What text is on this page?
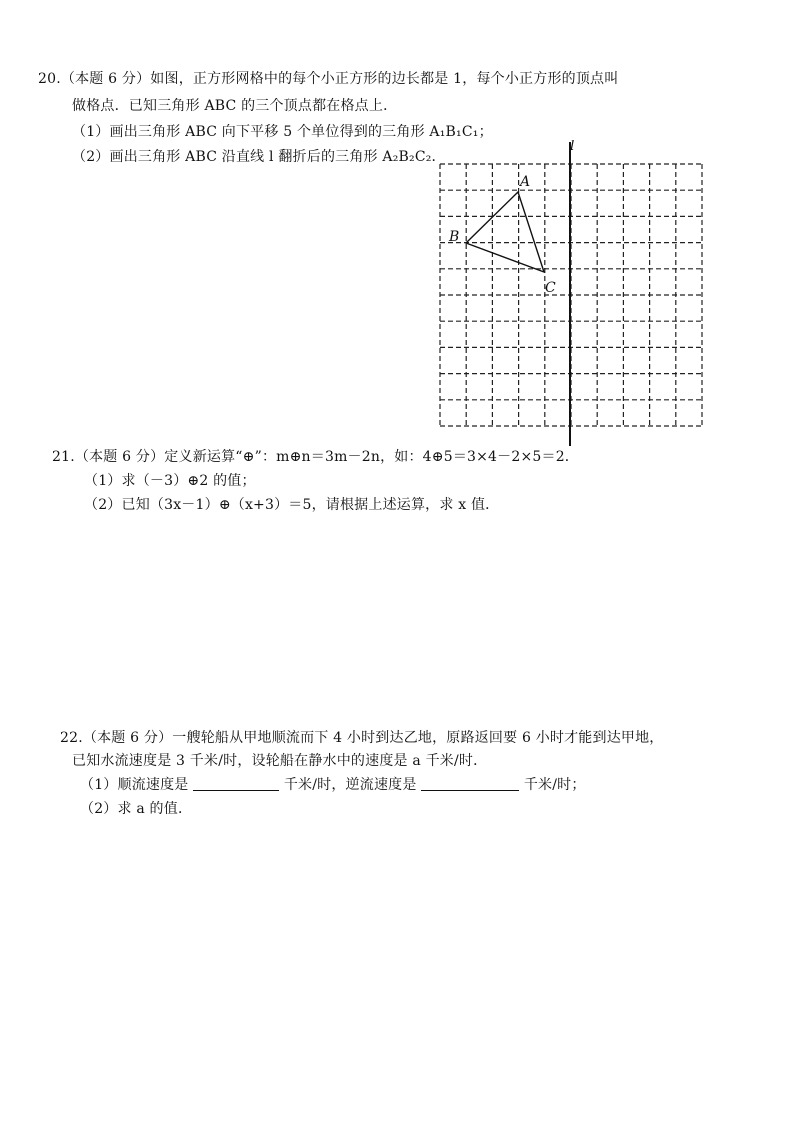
20.（本题 6 分）如图，正方形网格中的每个小正方形的边长都是 1，每个小正方形的顶点叫
做格点．已知三角形 ABC 的三个顶点都在格点上．
（1）画出三角形 ABC 向下平移 5 个单位得到的三角形 A₁B₁C₁；
（2）画出三角形 ABC 沿直线 l 翻折后的三角形 A₂B₂C₂．
l
A
B
C
21.（本题 6 分）定义新运算“⊕”：m⊕n＝3m－2n，如：4⊕5＝3×4－2×5＝2．
（1）求（－3）⊕2 的值；
（2）已知（3x－1）⊕（x+3）＝5，请根据上述运算，求 x 值．
22.（本题 6 分）一艘轮船从甲地顺流而下 4 小时到达乙地，原路返回要 6 小时才能到达甲地，
已知水流速度是 3 千米/时，设轮船在静水中的速度是 a 千米/时．
（1）顺流速度是	千米/时，逆流速度是	千米/时；
（2）求 a 的值．
